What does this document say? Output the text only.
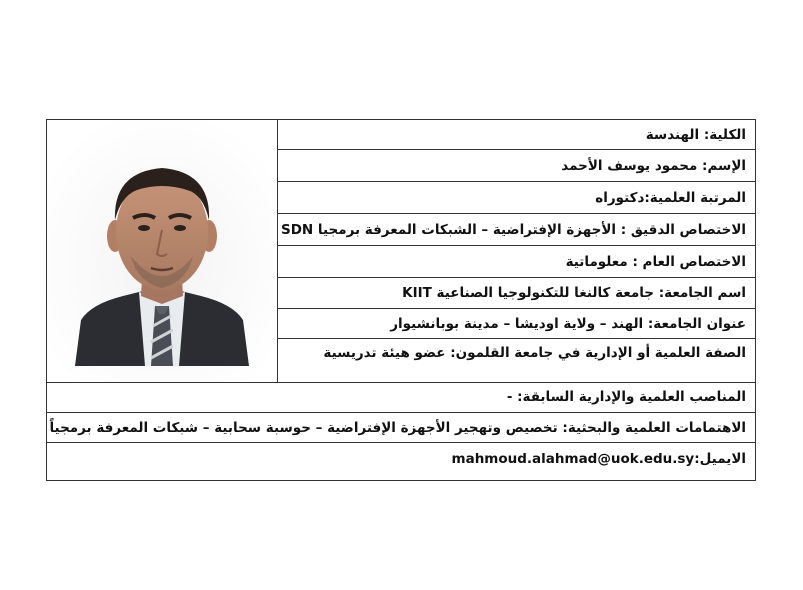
الكلية: الهندسة
الإسم: محمود يوسف الأحمد
المرتبة العلمية:دكتوراه
الاختصاص الدقيق : الأجهزة الإفتراضية – الشبكات المعرفة برمجيا SDN
الاختصاص العام : معلوماتية
اسم الجامعة: جامعة كالنغا للتكنولوجيا الصناعية KIIT
عنوان الجامعة: الهند – ولاية اوديشا – مدينة بوبانشيوار
الصفة العلمية أو الإدارية في جامعة القلمون: عضو هيئة تدريسية
المناصب العلمية والإدارية السابقة: -
الاهتمامات العلمية والبحثية: تخصيص وتهجير الأجهزة الإفتراضية – حوسبة سحابية – شبكات المعرفة برمجياً
الايميل:mahmoud.alahmad@uok.edu.sy
